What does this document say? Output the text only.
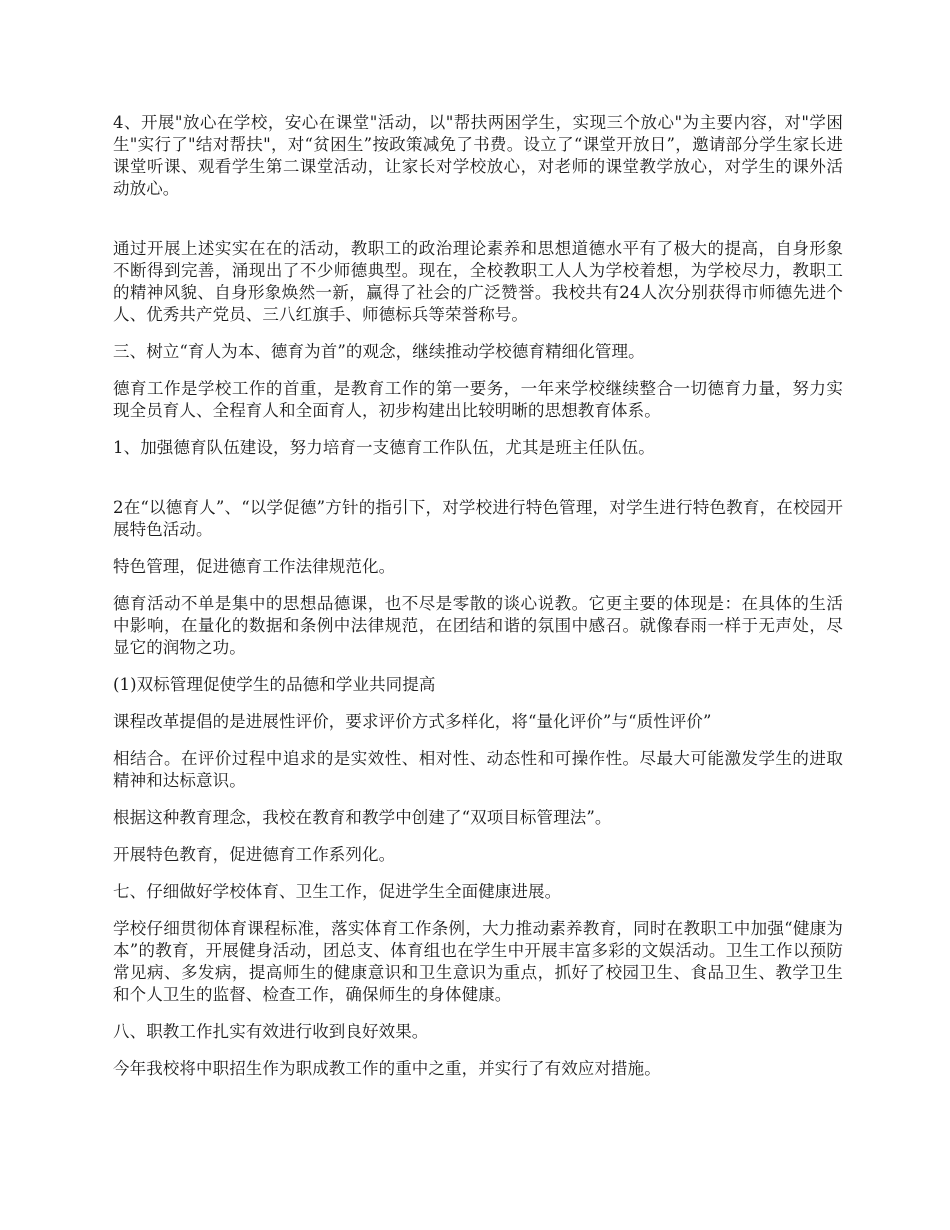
4、开展"放心在学校，安心在课堂"活动，以"帮扶两困学生，实现三个放心"为主要内容，对"学困生"实行了"结对帮扶"，对“贫困生”按政策减免了书费。设立了“课堂开放日”，邀请部分学生家长进课堂听课、观看学生第二课堂活动，让家长对学校放心，对老师的课堂教学放心，对学生的课外活动放心。

通过开展上述实实在在的活动，教职工的政治理论素养和思想道德水平有了极大的提高，自身形象不断得到完善，涌现出了不少师德典型。现在，全校教职工人人为学校着想，为学校尽力，教职工的精神风貌、自身形象焕然一新，赢得了社会的广泛赞誉。我校共有24人次分别获得市师德先进个人、优秀共产党员、三八红旗手、师德标兵等荣誉称号。

三、树立“育人为本、德育为首”的观念，继续推动学校德育精细化管理。

德育工作是学校工作的首重，是教育工作的第一要务，一年来学校继续整合一切德育力量，努力实现全员育人、全程育人和全面育人，初步构建出比较明晰的思想教育体系。

1、加强德育队伍建设，努力培育一支德育工作队伍，尤其是班主任队伍。

2在“以德育人”、“以学促德”方针的指引下，对学校进行特色管理，对学生进行特色教育，在校园开展特色活动。

特色管理，促进德育工作法律规范化。

德育活动不单是集中的思想品德课，也不尽是零散的谈心说教。它更主要的体现是：在具体的生活中影响，在量化的数据和条例中法律规范，在团结和谐的氛围中感召。就像春雨一样于无声处，尽显它的润物之功。

(1)双标管理促使学生的品德和学业共同提高

课程改革提倡的是进展性评价，要求评价方式多样化，将“量化评价”与“质性评价”

相结合。在评价过程中追求的是实效性、相对性、动态性和可操作性。尽最大可能激发学生的进取精神和达标意识。

根据这种教育理念，我校在教育和教学中创建了“双项目标管理法”。

开展特色教育，促进德育工作系列化。

七、仔细做好学校体育、卫生工作，促进学生全面健康进展。

学校仔细贯彻体育课程标准，落实体育工作条例，大力推动素养教育，同时在教职工中加强“健康为本”的教育，开展健身活动，团总支、体育组也在学生中开展丰富多彩的文娱活动。卫生工作以预防常见病、多发病，提高师生的健康意识和卫生意识为重点，抓好了校园卫生、食品卫生、教学卫生和个人卫生的监督、检查工作，确保师生的身体健康。

八、职教工作扎实有效进行收到良好效果。

今年我校将中职招生作为职成教工作的重中之重，并实行了有效应对措施。
